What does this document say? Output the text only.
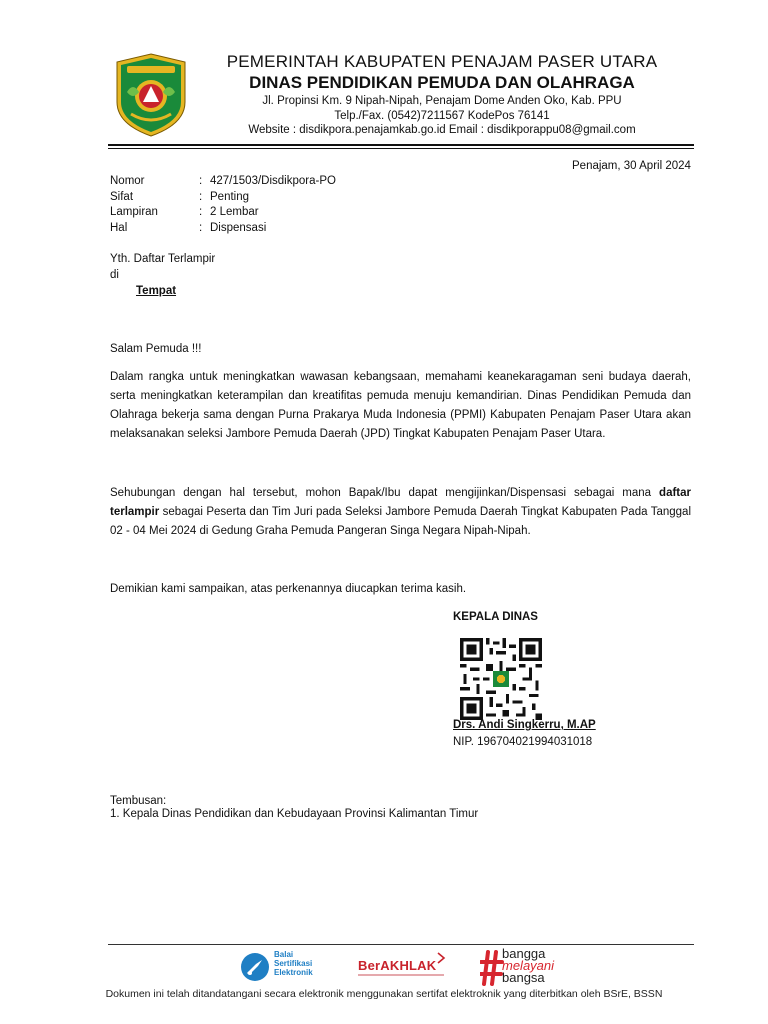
PEMERINTAH KABUPATEN PENAJAM PASER UTARA
DINAS PENDIDIKAN PEMUDA DAN OLAHRAGA
Jl. Propinsi Km. 9 Nipah-Nipah, Penajam Dome Anden Oko, Kab. PPU
Telp./Fax. (0542)7211567 KodePos 76141
Website : disdikpora.penajamkab.go.id Email : disdikporappu08@gmail.com
Penajam, 30 April 2024
Nomor	: 427/1503/Disdikpora-PO
Sifat	: Penting
Lampiran	: 2 Lembar
Hal	: Dispensasi
Yth. Daftar Terlampir
di
Tempat
Salam Pemuda !!!
Dalam rangka untuk meningkatkan wawasan kebangsaan, memahami keanekaragaman seni budaya daerah, serta meningkatkan keterampilan dan kreatifitas pemuda menuju kemandirian. Dinas Pendidikan Pemuda dan Olahraga bekerja sama dengan Purna Prakarya Muda Indonesia (PPMI) Kabupaten Penajam Paser Utara akan melaksanakan seleksi Jambore Pemuda Daerah (JPD) Tingkat Kabupaten Penajam Paser Utara.
Sehubungan dengan hal tersebut, mohon Bapak/Ibu dapat mengijinkan/Dispensasi sebagai mana daftar terlampir sebagai Peserta dan Tim Juri pada Seleksi Jambore Pemuda Daerah Tingkat Kabupaten Pada Tanggal 02 - 04 Mei 2024 di Gedung Graha Pemuda Pangeran Singa Negara Nipah-Nipah.
Demikian kami sampaikan, atas perkenannya diucapkan terima kasih.
KEPALA DINAS
Drs. Andi Singkerru, M.AP
NIP. 196704021994031018
Tembusan:
1. Kepala Dinas Pendidikan dan Kebudayaan Provinsi Kalimantan Timur
Balai
Sertifikasi
Elektronik	BerAKHLAK
bangga
melayani
bangsa
Dokumen ini telah ditandatangani secara elektronik menggunakan sertifat elektroknik yang diterbitkan oleh BSrE, BSSN
